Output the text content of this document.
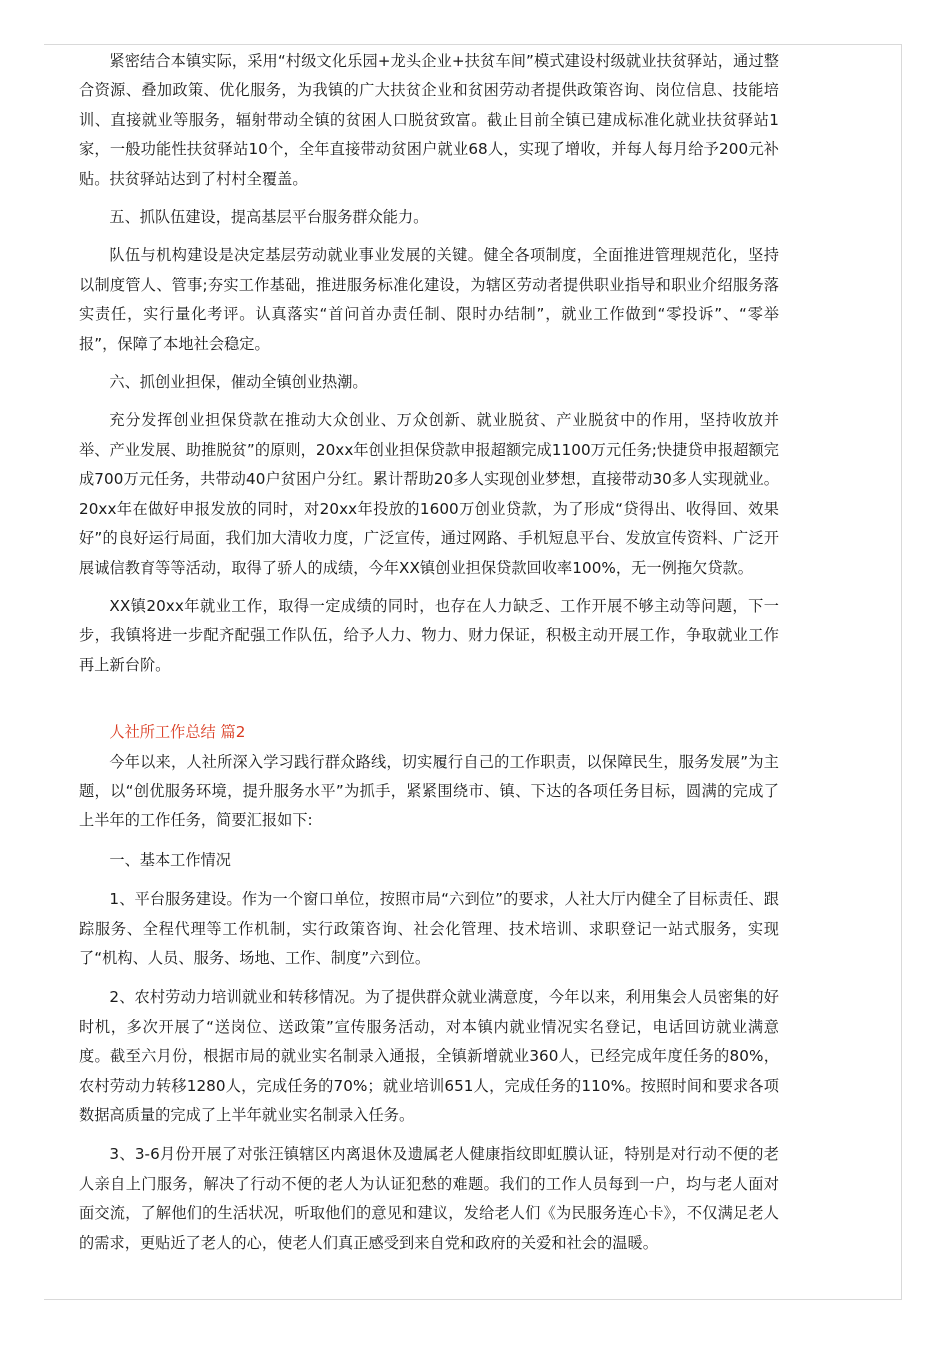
紧密结合本镇实际，采用“村级文化乐园+龙头企业+扶贫车间”模式建设村级就业扶贫驿站，通过整合资源、叠加政策、优化服务，为我镇的广大扶贫企业和贫困劳动者提供政策咨询、岗位信息、技能培训、直接就业等服务，辐射带动全镇的贫困人口脱贫致富。截止目前全镇已建成标准化就业扶贫驿站1家，一般功能性扶贫驿站10个，全年直接带动贫困户就业68人，实现了增收，并每人每月给予200元补贴。扶贫驿站达到了村村全覆盖。

五、抓队伍建设，提高基层平台服务群众能力。

队伍与机构建设是决定基层劳动就业事业发展的关键。健全各项制度，全面推进管理规范化，坚持以制度管人、管事;夯实工作基础，推进服务标准化建设，为辖区劳动者提供职业指导和职业介绍服务落实责任，实行量化考评。认真落实“首问首办责任制、限时办结制”，就业工作做到“零投诉”、“零举报”，保障了本地社会稳定。

六、抓创业担保，催动全镇创业热潮。

充分发挥创业担保贷款在推动大众创业、万众创新、就业脱贫、产业脱贫中的作用，坚持收放并举、产业发展、助推脱贫”的原则，20xx年创业担保贷款申报超额完成1100万元任务;快捷贷申报超额完成700万元任务，共带动40户贫困户分红。累计帮助20多人实现创业梦想，直接带动30多人实现就业。20xx年在做好申报发放的同时，对20xx年投放的1600万创业贷款，为了形成“贷得出、收得回、效果好”的良好运行局面，我们加大清收力度，广泛宣传，通过网路、手机短息平台、发放宣传资料、广泛开展诚信教育等等活动，取得了骄人的成绩，今年XX镇创业担保贷款回收率100%，无一例拖欠贷款。

XX镇20xx年就业工作，取得一定成绩的同时，也存在人力缺乏、工作开展不够主动等问题，下一步，我镇将进一步配齐配强工作队伍，给予人力、物力、财力保证，积极主动开展工作，争取就业工作再上新台阶。

人社所工作总结 篇2

今年以来，人社所深入学习践行群众路线，切实履行自己的工作职责，以保障民生，服务发展”为主题，以“创优服务环境，提升服务水平”为抓手，紧紧围绕市、镇、下达的各项任务目标，圆满的完成了上半年的工作任务，简要汇报如下:

一、基本工作情况

1、平台服务建设。作为一个窗口单位，按照市局“六到位”的要求，人社大厅内健全了目标责任、跟踪服务、全程代理等工作机制，实行政策咨询、社会化管理、技术培训、求职登记一站式服务，实现了“机构、人员、服务、场地、工作、制度”六到位。

2、农村劳动力培训就业和转移情况。为了提供群众就业满意度，今年以来，利用集会人员密集的好时机，多次开展了“送岗位、送政策”宣传服务活动，对本镇内就业情况实名登记，电话回访就业满意度。截至六月份，根据市局的就业实名制录入通报，全镇新增就业360人，已经完成年度任务的80%，农村劳动力转移1280人，完成任务的70%；就业培训651人，完成任务的110%。按照时间和要求各项数据高质量的完成了上半年就业实名制录入任务。

3、3-6月份开展了对张汪镇辖区内离退休及遗属老人健康指纹即虹膜认证，特别是对行动不便的老人亲自上门服务，解决了行动不便的老人为认证犯愁的难题。我们的工作人员每到一户，均与老人面对面交流，了解他们的生活状况，听取他们的意见和建议，发给老人们《为民服务连心卡》，不仅满足老人的需求，更贴近了老人的心，使老人们真正感受到来自党和政府的关爱和社会的温暖。
